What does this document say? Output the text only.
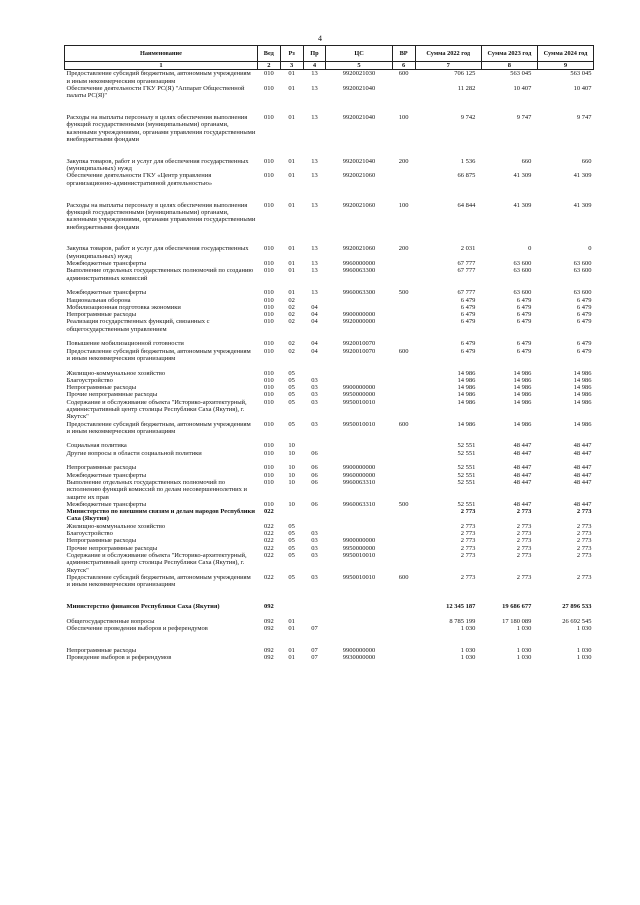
4
Наименование	Вед	Рз	Пр	ЦС	ВР	Сумма 2022 год	Сумма 2023 год	Сумма 2024 год
1	2	3	4	5	6	7	8	9
Предоставление субсидий бюджетным, автономным учреждениям и иным некоммерческим организациям	010	01	13	9920021030	600	706 125	563 045	563 045
Обеспечение деятельности ГКУ РС(Я) "Аппарат Общественной палаты РС(Я)"	010	01	13	9920021040		11 282	10 407	10 407
Расходы на выплаты персоналу в целях обеспечения выполнения функций государственными (муниципальными) органами, казенными учреждениями, органами управления государственными внебюджетными фондами	010	01	13	9920021040	100	9 742	9 747	9 747
Закупка товаров, работ и услуг для обеспечения государственных (муниципальных) нужд	010	01	13	9920021040	200	1 536	660	660
Обеспечение деятельности ГКУ «Центр управления организационно-административной деятельностью»	010	01	13	9920021060		66 875	41 309	41 309
Расходы на выплаты персоналу в целях обеспечения выполнения функций государственными (муниципальными) органами, казенными учреждениями, органами управления государственными внебюджетными фондами	010	01	13	9920021060	100	64 844	41 309	41 309
Закупка товаров, работ и услуг для обеспечения государственных (муниципальных) нужд	010	01	13	9920021060	200	2 031	0	0
Межбюджетные трансферты	010	01	13	9960000000		67 777	63 600	63 600
Выполнение отдельных государственных полномочий по созданию административных комиссий	010	01	13	9960063300		67 777	63 600	63 600
Межбюджетные трансферты	010	01	13	9960063300	500	67 777	63 600	63 600
Национальная оборона	010	02				6 479	6 479	6 479
Мобилизационная подготовка экономики	010	02	04			6 479	6 479	6 479
Непрограммные расходы	010	02	04	9900000000		6 479	6 479	6 479
Реализация государственных функций, связанных с общегосударственным управлением	010	02	04	9920000000		6 479	6 479	6 479
Повышение мобилизационной готовности	010	02	04	9920010070		6 479	6 479	6 479
Предоставление субсидий бюджетным, автономным учреждениям и иным некоммерческим организациям	010	02	04	9920010070	600	6 479	6 479	6 479
Жилищно-коммунальное хозяйство	010	05				14 986	14 986	14 986
Благоустройство	010	05	03			14 986	14 986	14 986
Непрограммные расходы	010	05	03	9900000000		14 986	14 986	14 986
Прочие непрограммные расходы	010	05	03	9950000000		14 986	14 986	14 986
Содержание и обслуживание объекта "Историко-архитектурный, административный центр столицы Республики Саха (Якутия), г. Якутск"	010	05	03	9950010010		14 986	14 986	14 986
Предоставление субсидий бюджетным, автономным учреждениям и иным некоммерческим организациям	010	05	03	9950010010	600	14 986	14 986	14 986
Социальная политика	010	10				52 551	48 447	48 447
Другие вопросы в области социальной политики	010	10	06			52 551	48 447	48 447
Непрограммные расходы	010	10	06	9900000000		52 551	48 447	48 447
Межбюджетные трансферты	010	10	06	9960000000		52 551	48 447	48 447
Выполнение отдельных государственных полномочий по исполнению функций комиссий по делам несовершеннолетних и защите их прав	010	10	06	9960063310		52 551	48 447	48 447
Межбюджетные трансферты	010	10	06	9960063310	500	52 551	48 447	48 447
Министерство по внешним связям и делам народов Республики Саха (Якутия)	022					2 773	2 773	2 773
Жилищно-коммунальное хозяйство	022	05				2 773	2 773	2 773
Благоустройство	022	05	03			2 773	2 773	2 773
Непрограммные расходы	022	05	03	9900000000		2 773	2 773	2 773
Прочие непрограммные расходы	022	05	03	9950000000		2 773	2 773	2 773
Содержание и обслуживание объекта "Историко-архитектурный, административный центр столицы Республики Саха (Якутия), г. Якутск"	022	05	03	9950010010		2 773	2 773	2 773
Предоставление субсидий бюджетным, автономным учреждениям и иным некоммерческим организациям	022	05	03	9950010010	600	2 773	2 773	2 773
Министерство финансов Республики Саха (Якутия)	092					12 345 187	19 686 677	27 896 533
Общегосударственные вопросы	092	01				8 785 199	17 180 089	26 692 545
Обеспечение проведения выборов и референдумов	092	01	07			1 030	1 030	1 030
Непрограммные расходы	092	01	07	9900000000		1 030	1 030	1 030
Проведение выборов и референдумов	092	01	07	9930000000		1 030	1 030	1 030
